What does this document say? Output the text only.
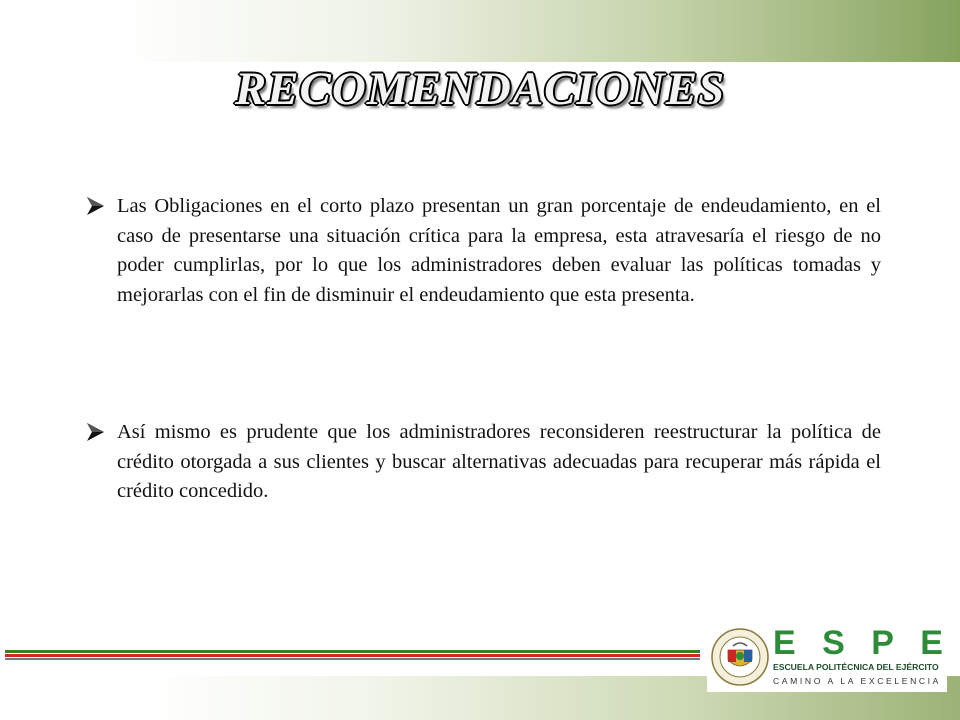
RECOMENDACIONES

Las Obligaciones en el corto plazo presentan un gran porcentaje de endeudamiento, en el caso de presentarse una situación crítica para la empresa, esta atravesaría el riesgo de no poder cumplirlas, por lo que los administradores deben evaluar las políticas tomadas y mejorarlas con el fin de disminuir el endeudamiento que esta presenta.

Así mismo es prudente que los administradores reconsideren reestructurar la política de crédito otorgada a sus clientes y buscar alternativas adecuadas para recuperar más rápida el crédito concedido.

E S P E
ESCUELA POLITÉCNICA DEL EJÉRCITO
CAMINO A LA EXCELENCIA
